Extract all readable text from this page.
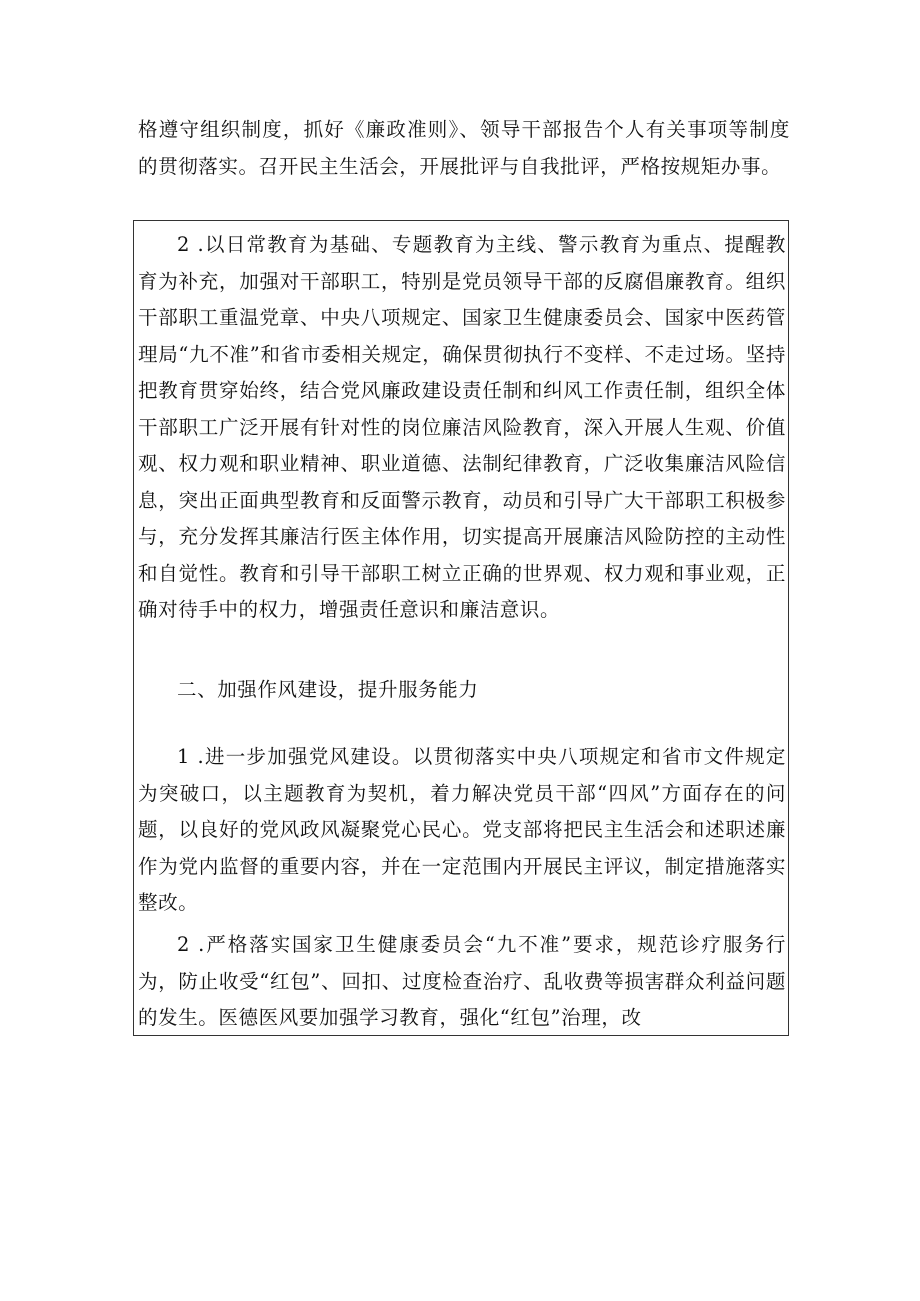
格遵守组织制度，抓好《廉政准则》、领导干部报告个人有关事项等制度的贯彻落实。召开民主生活会，开展批评与自我批评，严格按规矩办事。

2 .以日常教育为基础、专题教育为主线、警示教育为重点、提醒教育为补充，加强对干部职工，特别是党员领导干部的反腐倡廉教育。组织干部职工重温党章、中央八项规定、国家卫生健康委员会、国家中医药管理局“九不准”和省市委相关规定，确保贯彻执行不变样、不走过场。坚持把教育贯穿始终，结合党风廉政建设责任制和纠风工作责任制，组织全体干部职工广泛开展有针对性的岗位廉洁风险教育，深入开展人生观、价值观、权力观和职业精神、职业道德、法制纪律教育，广泛收集廉洁风险信息，突出正面典型教育和反面警示教育，动员和引导广大干部职工积极参与，充分发挥其廉洁行医主体作用，切实提高开展廉洁风险防控的主动性和自觉性。教育和引导干部职工树立正确的世界观、权力观和事业观，正确对待手中的权力，增强责任意识和廉洁意识。

二、加强作风建设，提升服务能力

1 .进一步加强党风建设。以贯彻落实中央八项规定和省市文件规定为突破口，以主题教育为契机，着力解决党员干部“四风”方面存在的问题，以良好的党风政风凝聚党心民心。党支部将把民主生活会和述职述廉作为党内监督的重要内容，并在一定范围内开展民主评议，制定措施落实整改。

2 .严格落实国家卫生健康委员会“九不准”要求，规范诊疗服务行为，防止收受“红包”、回扣、过度检查治疗、乱收费等损害群众利益问题的发生。医德医风要加强学习教育，强化“红包”治理，改
